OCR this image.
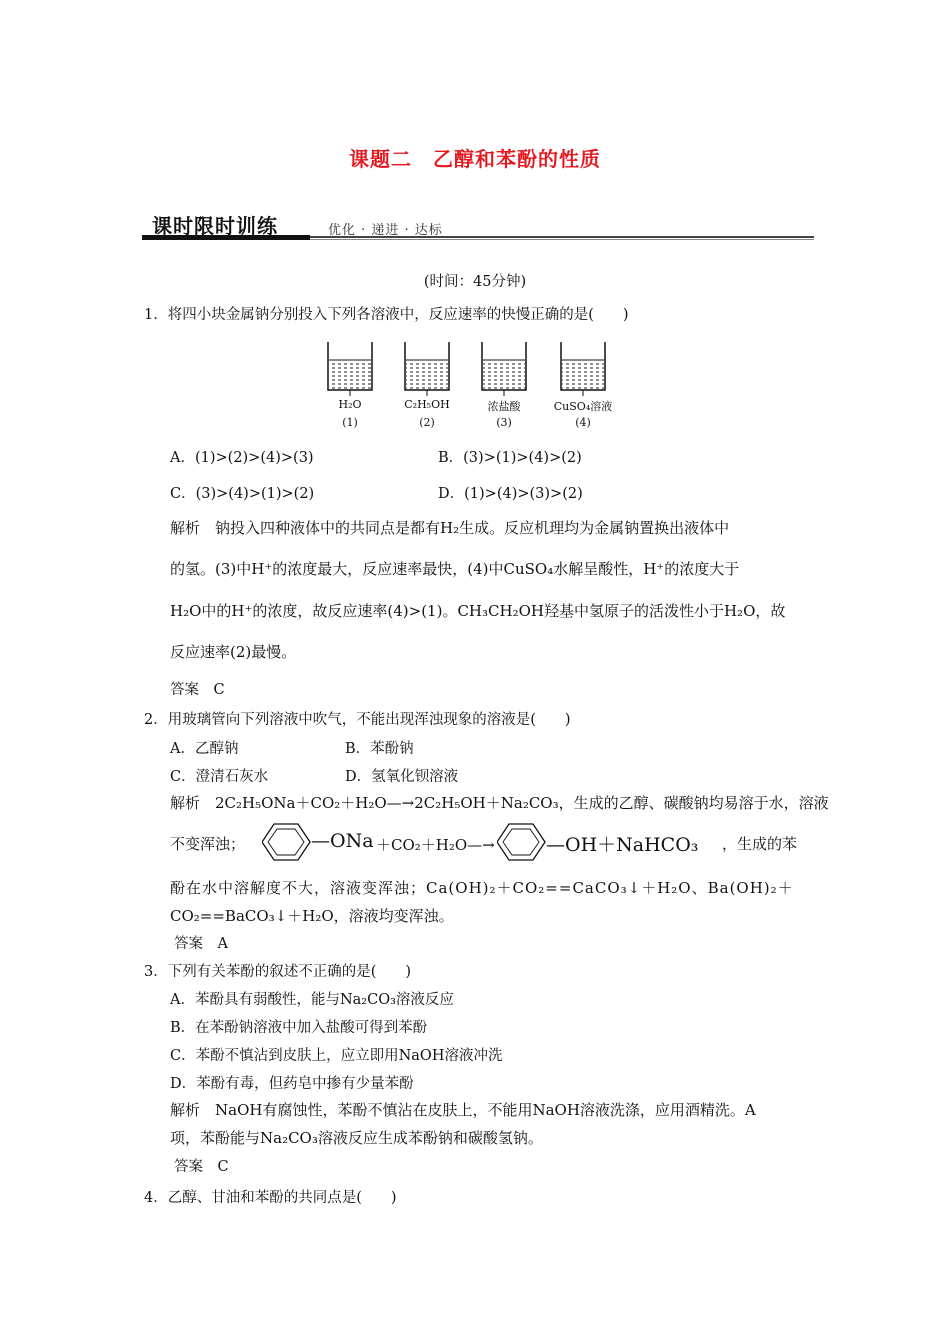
课题二　乙醇和苯酚的性质
课时限时训练	优化 · 递进 · 达标
(时间：45分钟)
1．将四小块金属钠分别投入下列各溶液中，反应速率的快慢正确的是(　　)
H₂O
(1)
C₂H₅OH
(2)
浓盐酸
(3)
CuSO₄溶液
(4)
A．(1)>(2)>(4)>(3)	B．(3)>(1)>(4)>(2)
C．(3)>(4)>(1)>(2)	D．(1)>(4)>(3)>(2)
解析　钠投入四种液体中的共同点是都有H₂生成。反应机理均为金属钠置换出液体中
的氢。(3)中H⁺的浓度最大，反应速率最快，(4)中CuSO₄水解呈酸性，H⁺的浓度大于
H₂O中的H⁺的浓度，故反应速率(4)>(1)。CH₃CH₂OH羟基中氢原子的活泼性小于H₂O，故
反应速率(2)最慢。
答案　C
2．用玻璃管向下列溶液中吹气，不能出现浑浊现象的溶液是(　　)
A．乙醇钠	B．苯酚钠
C．澄清石灰水	D．氢氧化钡溶液
解析　2C₂H₅ONa＋CO₂＋H₂O—→2C₂H₅OH＋Na₂CO₃，生成的乙醇、碳酸钠均易溶于水，溶液
不变浑浊；	—ONa ＋CO₂＋H₂O—→	—OH＋NaHCO₃ ，生成的苯
酚在水中溶解度不大，溶液变浑浊；Ca(OH)₂＋CO₂==CaCO₃↓＋H₂O、Ba(OH)₂＋
CO₂==BaCO₃↓＋H₂O，溶液均变浑浊。
答案　A
3．下列有关苯酚的叙述不正确的是(　　)
A．苯酚具有弱酸性，能与Na₂CO₃溶液反应
B．在苯酚钠溶液中加入盐酸可得到苯酚
C．苯酚不慎沾到皮肤上，应立即用NaOH溶液冲洗
D．苯酚有毒，但药皂中掺有少量苯酚
解析　NaOH有腐蚀性，苯酚不慎沾在皮肤上，不能用NaOH溶液洗涤，应用酒精洗。A
项，苯酚能与Na₂CO₃溶液反应生成苯酚钠和碳酸氢钠。
答案　C
4．乙醇、甘油和苯酚的共同点是(　　)
